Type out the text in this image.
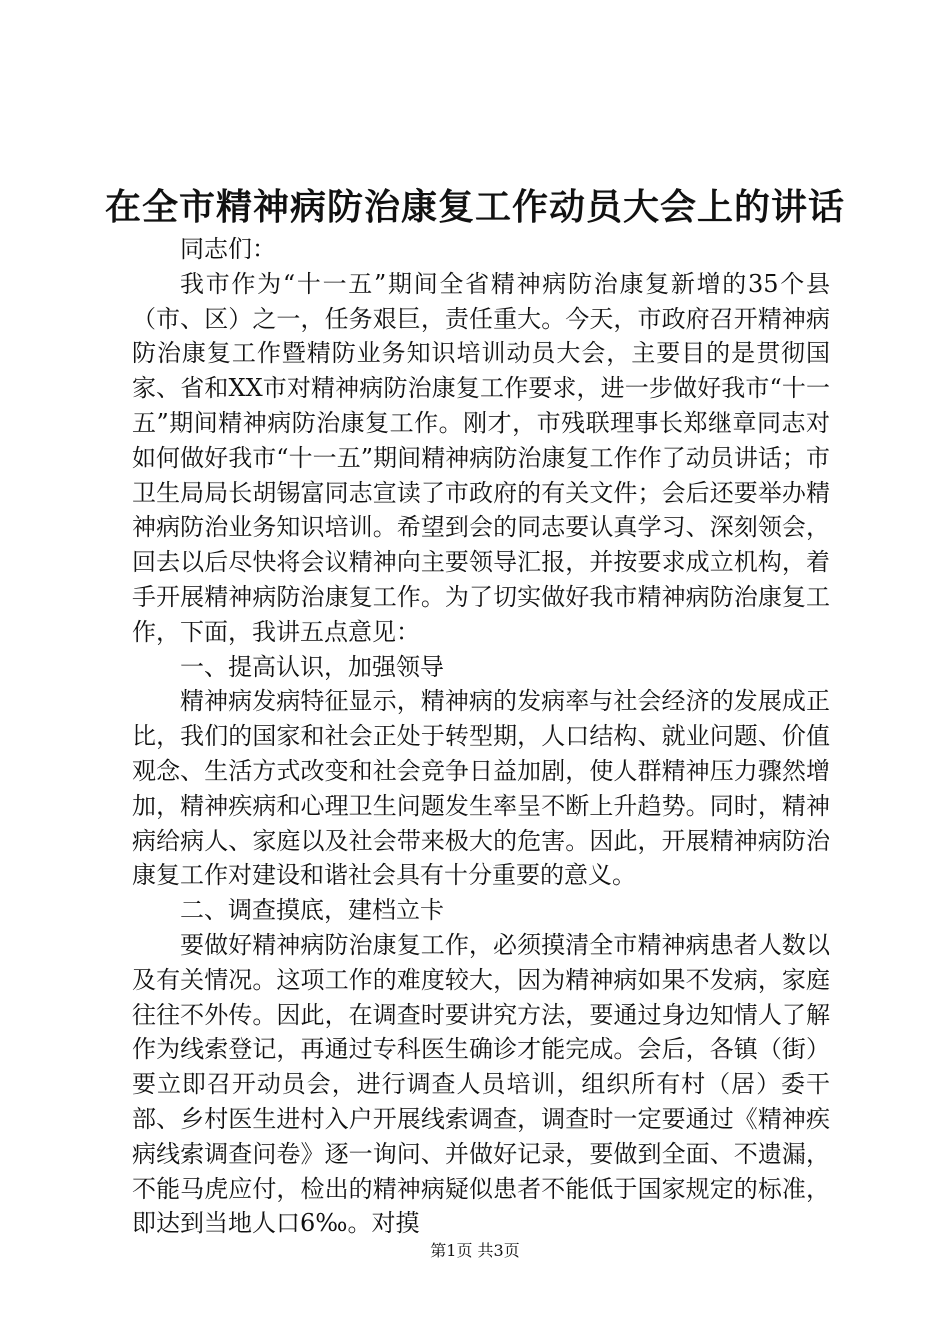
在全市精神病防治康复工作动员大会上的讲话

同志们：

我市作为“十一五”期间全省精神病防治康复新增的35个县（市、区）之一，任务艰巨，责任重大。今天，市政府召开精神病防治康复工作暨精防业务知识培训动员大会，主要目的是贯彻国家、省和XX市对精神病防治康复工作要求，进一步做好我市“十一五”期间精神病防治康复工作。刚才，市残联理事长郑继章同志对如何做好我市“十一五”期间精神病防治康复工作作了动员讲话；市卫生局局长胡锡富同志宣读了市政府的有关文件；会后还要举办精神病防治业务知识培训。希望到会的同志要认真学习、深刻领会，回去以后尽快将会议精神向主要领导汇报，并按要求成立机构，着手开展精神病防治康复工作。为了切实做好我市精神病防治康复工作，下面，我讲五点意见：

一、提高认识，加强领导

精神病发病特征显示，精神病的发病率与社会经济的发展成正比，我们的国家和社会正处于转型期，人口结构、就业问题、价值观念、生活方式改变和社会竞争日益加剧，使人群精神压力骤然增加，精神疾病和心理卫生问题发生率呈不断上升趋势。同时，精神病给病人、家庭以及社会带来极大的危害。因此，开展精神病防治康复工作对建设和谐社会具有十分重要的意义。

二、调查摸底，建档立卡

要做好精神病防治康复工作，必须摸清全市精神病患者人数以及有关情况。这项工作的难度较大，因为精神病如果不发病，家庭往往不外传。因此，在调查时要讲究方法，要通过身边知情人了解作为线索登记，再通过专科医生确诊才能完成。会后，各镇（街）要立即召开动员会，进行调查人员培训，组织所有村（居）委干部、乡村医生进村入户开展线索调查，调查时一定要通过《精神疾病线索调查问卷》逐一询问、并做好记录，要做到全面、不遗漏，不能马虎应付，检出的精神病疑似患者不能低于国家规定的标准，即达到当地人口6‰。对摸

第1页 共3页
